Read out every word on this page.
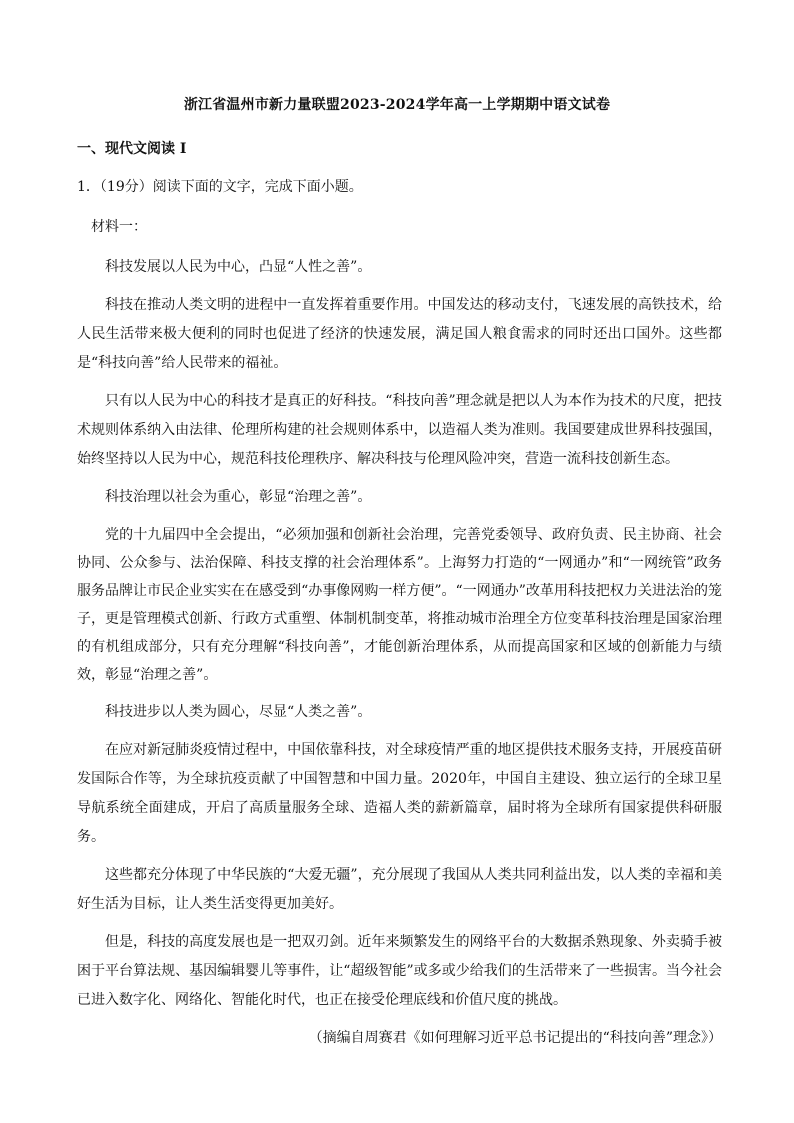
浙江省温州市新力量联盟2023-2024学年高一上学期期中语文试卷
一、现代文阅读 I
1．（19分）阅读下面的文字，完成下面小题。
材料一：

科技发展以人民为中心，凸显“人性之善”。

科技在推动人类文明的进程中一直发挥着重要作用。中国发达的移动支付，飞速发展的高铁技术，给人民生活带来极大便利的同时也促进了经济的快速发展，满足国人粮食需求的同时还出口国外。这些都是“科技向善”给人民带来的福祉。

只有以人民为中心的科技才是真正的好科技。“科技向善”理念就是把以人为本作为技术的尺度，把技术规则体系纳入由法律、伦理所构建的社会规则体系中，以造福人类为准则。我国要建成世界科技强国，始终坚持以人民为中心，规范科技伦理秩序、解决科技与伦理风险冲突，营造一流科技创新生态。

科技治理以社会为重心，彰显“治理之善”。

党的十九届四中全会提出，“必须加强和创新社会治理，完善党委领导、政府负责、民主协商、社会协同、公众参与、法治保障、科技支撑的社会治理体系”。上海努力打造的“一网通办”和“一网统管”政务服务品牌让市民企业实实在在感受到“办事像网购一样方便”。“一网通办”改革用科技把权力关进法治的笼子，更是管理模式创新、行政方式重塑、体制机制变革，将推动城市治理全方位变革科技治理是国家治理的有机组成部分，只有充分理解“科技向善”，才能创新治理体系，从而提高国家和区域的创新能力与绩效，彰显“治理之善”。

科技进步以人类为圆心，尽显“人类之善”。

在应对新冠肺炎疫情过程中，中国依靠科技，对全球疫情严重的地区提供技术服务支持，开展疫苗研发国际合作等，为全球抗疫贡献了中国智慧和中国力量。2020年，中国自主建设、独立运行的全球卫星导航系统全面建成，开启了高质量服务全球、造福人类的薪新篇章，届时将为全球所有国家提供科研服务。

这些都充分体现了中华民族的“大爱无疆”，充分展现了我国从人类共同利益出发，以人类的幸福和美好生活为目标，让人类生活变得更加美好。

但是，科技的高度发展也是一把双刃剑。近年来频繁发生的网络平台的大数据杀熟现象、外卖骑手被困于平台算法规、基因编辑婴儿等事件，让“超级智能”或多或少给我们的生活带来了一些损害。当今社会已进入数字化、网络化、智能化时代，也正在接受伦理底线和价值尺度的挑战。

（摘编自周赛君《如何理解习近平总书记提出的“科技向善”理念》）
